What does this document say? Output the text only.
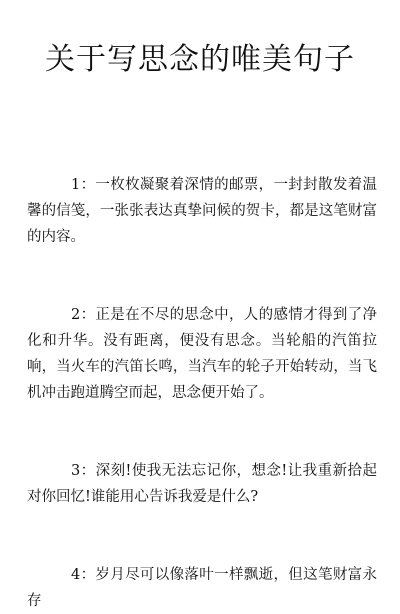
关于写思念的唯美句子

1：一枚枚凝聚着深情的邮票，一封封散发着温馨的信笺，一张张表达真挚问候的贺卡，都是这笔财富的内容。

2：正是在不尽的思念中，人的感情才得到了净化和升华。没有距离，便没有思念。当轮船的汽笛拉响，当火车的汽笛长鸣，当汽车的轮子开始转动，当飞机冲击跑道腾空而起，思念便开始了。

3：深刻!使我无法忘记你，想念!让我重新拾起对你回忆!谁能用心告诉我爱是什么?

4：岁月尽可以像落叶一样飘逝，但这笔财富永存
